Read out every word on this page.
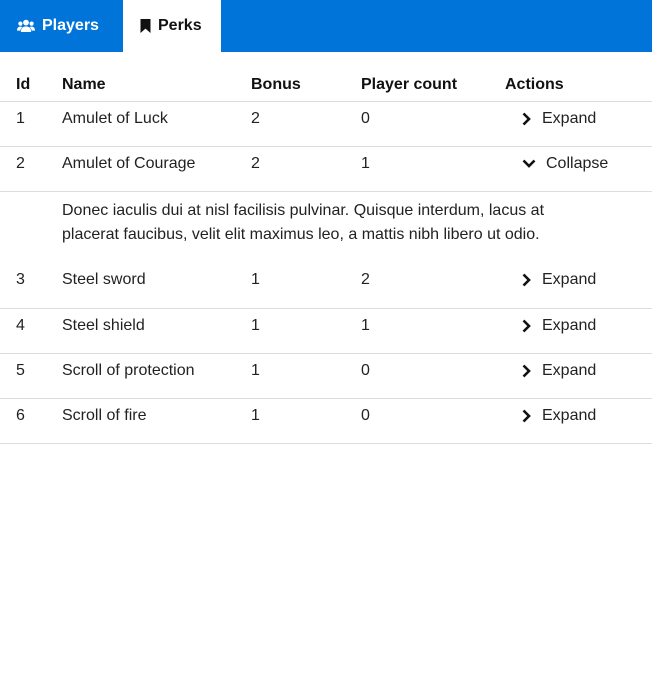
Players	Perks
Id	Name	Bonus	Player count	Actions
1	Amulet of Luck	2	0	Expand

2	Amulet of Courage	2	1	Collapse

	Donec iaculis dui at nisl facilisis pulvinar. Quisque interdum, lacus at placerat faucibus, velit elit maximus leo, a mattis nibh libero ut odio.			
3	Steel sword	1	2	Expand

4	Steel shield	1	1	Expand

5	Scroll of protection	1	0	Expand

6	Scroll of fire	1	0	Expand
